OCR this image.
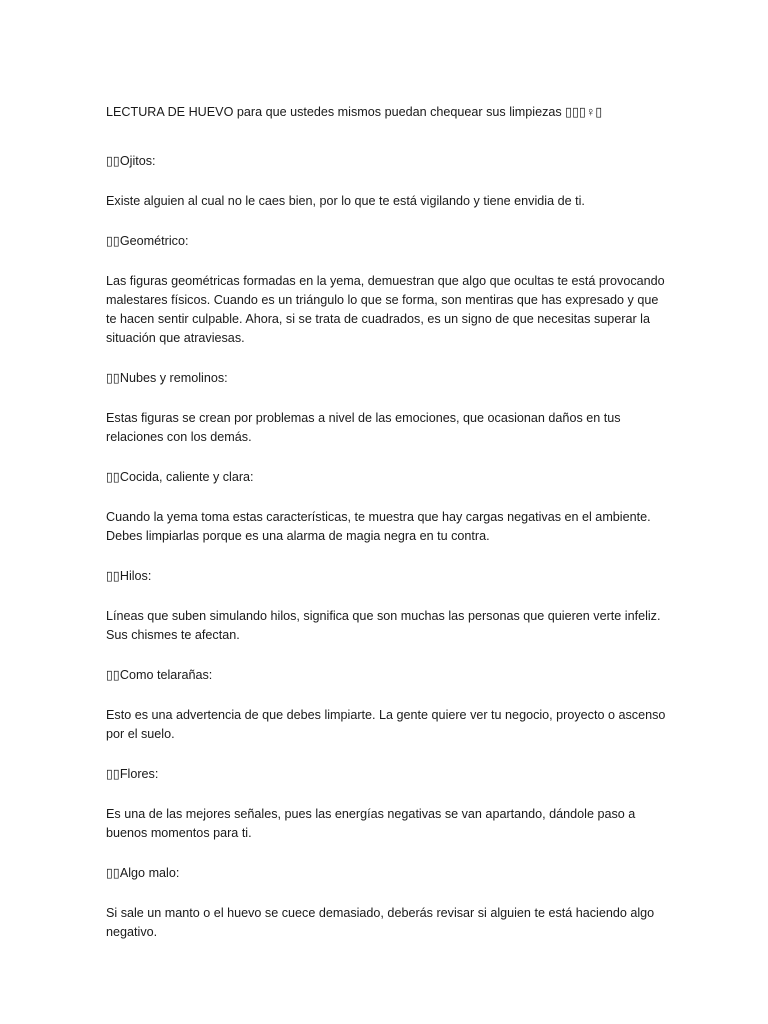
LECTURA DE HUEVO para que ustedes mismos puedan chequear sus limpiezas ▯▯▯♀▯

▯▯Ojitos:

Existe alguien al cual no le caes bien, por lo que te está vigilando y tiene envidia de ti.

▯▯Geométrico:

Las figuras geométricas formadas en la yema, demuestran que algo que ocultas te está provocando malestares físicos. Cuando es un triángulo lo que se forma, son mentiras que has expresado y que te hacen sentir culpable. Ahora, si se trata de cuadrados, es un signo de que necesitas superar la situación que atraviesas.

▯▯Nubes y remolinos:

Estas figuras se crean por problemas a nivel de las emociones, que ocasionan daños en tus relaciones con los demás.

▯▯Cocida, caliente y clara:

Cuando la yema toma estas características, te muestra que hay cargas negativas en el ambiente. Debes limpiarlas porque es una alarma de magia negra en tu contra.

▯▯Hilos:

Líneas que suben simulando hilos, significa que son muchas las personas que quieren verte infeliz. Sus chismes te afectan.

▯▯Como telarañas:

Esto es una advertencia de que debes limpiarte. La gente quiere ver tu negocio, proyecto o ascenso por el suelo.

▯▯Flores:

Es una de las mejores señales, pues las energías negativas se van apartando, dándole paso a buenos momentos para ti.

▯▯Algo malo:

Si sale un manto o el huevo se cuece demasiado, deberás revisar si alguien te está haciendo algo negativo.
